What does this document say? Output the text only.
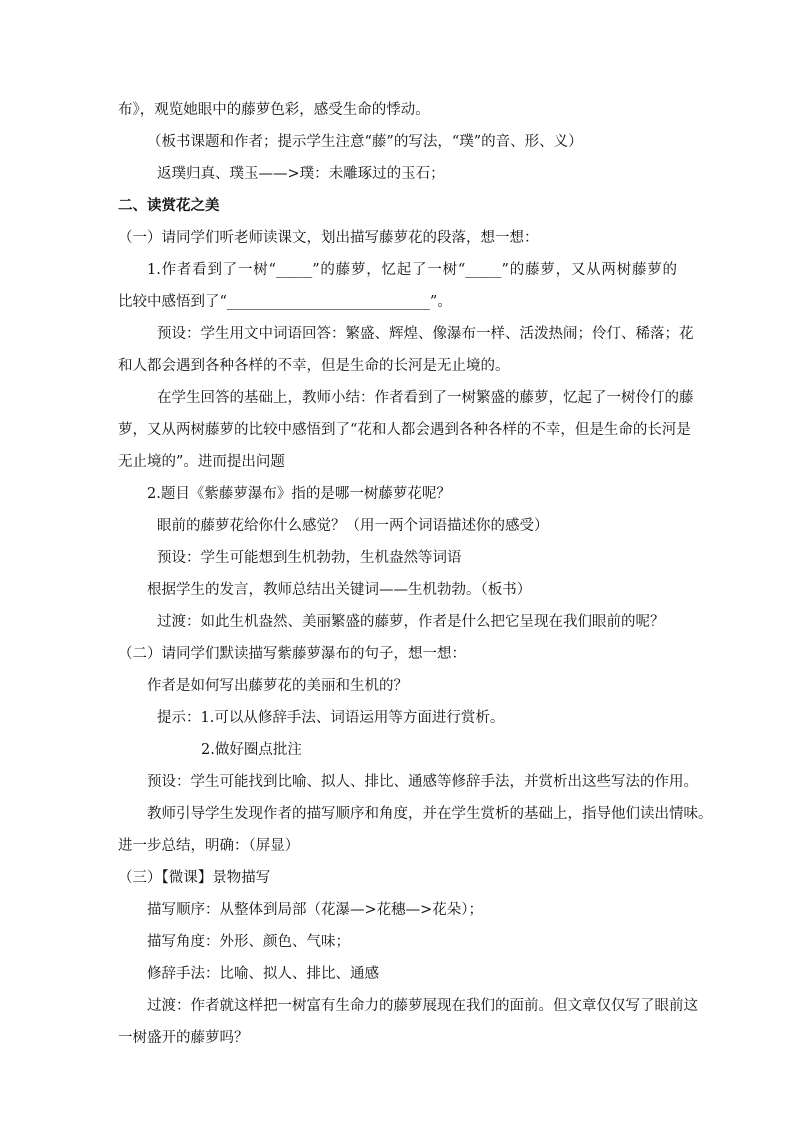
布》，观览她眼中的藤萝色彩，感受生命的悸动。
（板书课题和作者；提示学生注意“藤”的写法，“璞”的音、形、义）
返璞归真、璞玉——>璞：未雕琢过的玉石；
二、读赏花之美
（一）请同学们听老师读课文，划出描写藤萝花的段落，想一想：
1.作者看到了一树“_____”的藤萝，忆起了一树“_____”的藤萝，又从两树藤萝的
比较中感悟到了“____________________________”。
预设：学生用文中词语回答：繁盛、辉煌、像瀑布一样、活泼热闹；伶仃、稀落；花
和人都会遇到各种各样的不幸，但是生命的长河是无止境的。
在学生回答的基础上，教师小结：作者看到了一树繁盛的藤萝，忆起了一树伶仃的藤
萝，又从两树藤萝的比较中感悟到了“花和人都会遇到各种各样的不幸，但是生命的长河是
无止境的”。进而提出问题
2.题目《紫藤萝瀑布》指的是哪一树藤萝花呢？
眼前的藤萝花给你什么感觉？（用一两个词语描述你的感受）
预设：学生可能想到生机勃勃，生机盎然等词语
根据学生的发言，教师总结出关键词——生机勃勃。（板书）
过渡：如此生机盎然、美丽繁盛的藤萝，作者是什么把它呈现在我们眼前的呢？
（二）请同学们默读描写紫藤萝瀑布的句子，想一想：
作者是如何写出藤萝花的美丽和生机的？
提示：1.可以从修辞手法、词语运用等方面进行赏析。
2.做好圈点批注
预设：学生可能找到比喻、拟人、排比、通感等修辞手法，并赏析出这些写法的作用。
教师引导学生发现作者的描写顺序和角度，并在学生赏析的基础上，指导他们读出情味。
进一步总结，明确：（屏显）
（三）【微课】景物描写
描写顺序：从整体到局部（花瀑—>花穗—>花朵）；
描写角度：外形、颜色、气味；
修辞手法：比喻、拟人、排比、通感
过渡：作者就这样把一树富有生命力的藤萝展现在我们的面前。但文章仅仅写了眼前这
一树盛开的藤萝吗？
